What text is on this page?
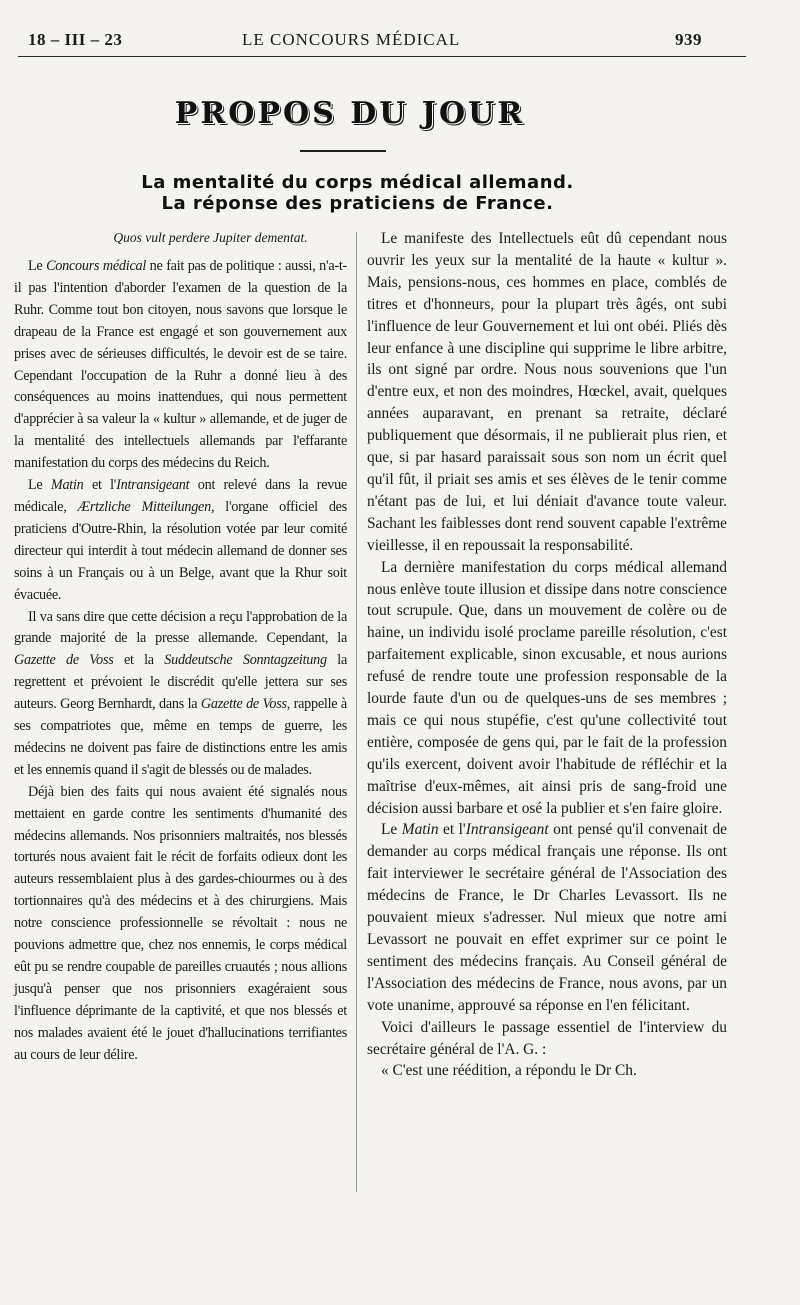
18 – III – 23	LE CONCOURS MÉDICAL	939
PROPOS DU JOUR
La mentalité du corps médical allemand.
La réponse des praticiens de France.
Quos vult perdere Jupiter dementat.

Le Concours médical ne fait pas de politique : aussi, n'a-t-il pas l'intention d'aborder l'examen de la question de la Ruhr. Comme tout bon citoyen, nous savons que lorsque le drapeau de la France est engagé et son gouvernement aux prises avec de sérieuses difficultés, le devoir est de se taire. Cependant l'occupation de la Ruhr a donné lieu à des conséquences au moins inattendues, qui nous permettent d'apprécier à sa valeur la « kultur » allemande, et de juger de la mentalité des intellectuels allemands par l'effarante manifestation du corps des médecins du Reich.

Le Matin et l'Intransigeant ont relevé dans la revue médicale, Ærtzliche Mitteilungen, l'organe officiel des praticiens d'Outre-Rhin, la résolution votée par leur comité directeur qui interdit à tout médecin allemand de donner ses soins à un Français ou à un Belge, avant que la Rhur soit évacuée.

Il va sans dire que cette décision a reçu l'approbation de la grande majorité de la presse allemande. Cependant, la Gazette de Voss et la Suddeutsche Sonntagzeitung la regrettent et prévoient le discrédit qu'elle jettera sur ses auteurs. Georg Bernhardt, dans la Gazette de Voss, rappelle à ses compatriotes que, même en temps de guerre, les médecins ne doivent pas faire de distinctions entre les amis et les ennemis quand il s'agit de blessés ou de malades.

Déjà bien des faits qui nous avaient été signalés nous mettaient en garde contre les sentiments d'humanité des médecins allemands. Nos prisonniers maltraités, nos blessés torturés nous avaient fait le récit de forfaits odieux dont les auteurs ressemblaient plus à des gardes-chiourmes ou à des tortionnaires qu'à des médecins et à des chirurgiens. Mais notre conscience professionnelle se révoltait : nous ne pouvions admettre que, chez nos ennemis, le corps médical eût pu se rendre coupable de pareilles cruautés ; nous allions jusqu'à penser que nos prisonniers exagéraient sous l'influence déprimante de la captivité, et que nos blessés et nos malades avaient été le jouet d'hallucinations terrifiantes au cours de leur délire.

Le manifeste des Intellectuels eût dû cependant nous ouvrir les yeux sur la mentalité de la haute « kultur ». Mais, pensions-nous, ces hommes en place, comblés de titres et d'honneurs, pour la plupart très âgés, ont subi l'influence de leur Gouvernement et lui ont obéi. Pliés dès leur enfance à une discipline qui supprime le libre arbitre, ils ont signé par ordre. Nous nous souvenions que l'un d'entre eux, et non des moindres, Hœckel, avait, quelques années auparavant, en prenant sa retraite, déclaré publiquement que désormais, il ne publierait plus rien, et que, si par hasard paraissait sous son nom un écrit quel qu'il fût, il priait ses amis et ses élèves de le tenir comme n'étant pas de lui, et lui déniait d'avance toute valeur. Sachant les faiblesses dont rend souvent capable l'extrême vieillesse, il en repoussait la responsabilité.

La dernière manifestation du corps médical allemand nous enlève toute illusion et dissipe dans notre conscience tout scrupule. Que, dans un mouvement de colère ou de haine, un individu isolé proclame pareille résolution, c'est parfaitement explicable, sinon excusable, et nous aurions refusé de rendre toute une profession responsable de la lourde faute d'un ou de quelques-uns de ses membres ; mais ce qui nous stupéfie, c'est qu'une collectivité tout entière, composée de gens qui, par le fait de la profession qu'ils exercent, doivent avoir l'habitude de réfléchir et la maîtrise d'eux-mêmes, ait ainsi pris de sang-froid une décision aussi barbare et osé la publier et s'en faire gloire.

Le Matin et l'Intransigeant ont pensé qu'il convenait de demander au corps médical français une réponse. Ils ont fait interviewer le secrétaire général de l'Association des médecins de France, le Dr Charles Levassort. Ils ne pouvaient mieux s'adresser. Nul mieux que notre ami Levassort ne pouvait en effet exprimer sur ce point le sentiment des médecins français. Au Conseil général de l'Association des médecins de France, nous avons, par un vote unanime, approuvé sa réponse en l'en félicitant.

Voici d'ailleurs le passage essentiel de l'interview du secrétaire général de l'A. G. :

« C'est une réédition, a répondu le Dr Ch.
